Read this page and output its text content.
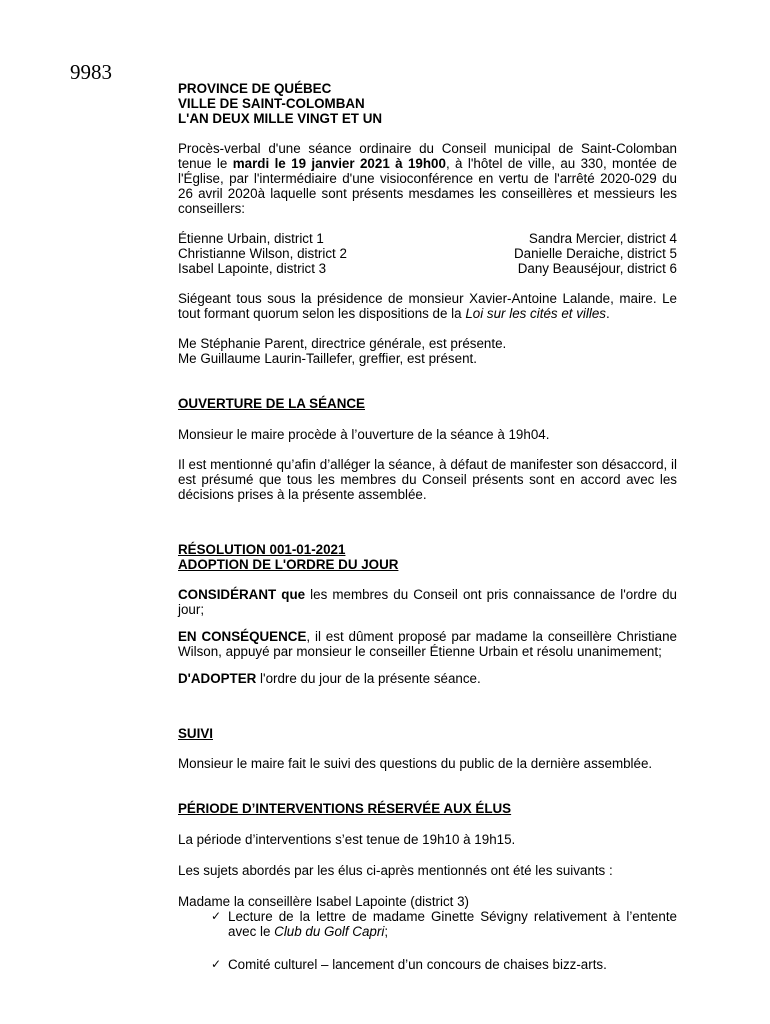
9983

PROVINCE DE QUÉBEC

VILLE DE SAINT-COLOMBAN

L'AN DEUX MILLE VINGT ET UN

Procès-verbal d'une séance ordinaire du Conseil municipal de Saint-Colomban tenue le mardi le 19 janvier 2021 à 19h00, à l'hôtel de ville, au 330, montée de l'Église, par l'intermédiaire d'une visioconférence en vertu de l'arrêté 2020-029 du 26 avril 2020à laquelle sont présents mesdames les conseillères et messieurs les conseillers:

Étienne Urbain, district 1	Sandra Mercier, district 4
Christianne Wilson, district 2	Danielle Deraiche, district 5
Isabel Lapointe, district 3	Dany Beauséjour, district 6

Siégeant tous sous la présidence de monsieur Xavier-Antoine Lalande, maire. Le tout formant quorum selon les dispositions de la Loi sur les cités et villes.

Me Stéphanie Parent, directrice générale, est présente.

Me Guillaume Laurin-Taillefer, greffier, est présent.

OUVERTURE DE LA SÉANCE

Monsieur le maire procède à l’ouverture de la séance à 19h04.

Il est mentionné qu’afin d’alléger la séance, à défaut de manifester son désaccord, il est présumé que tous les membres du Conseil présents sont en accord avec les décisions prises à la présente assemblée.

RÉSOLUTION 001-01-2021

ADOPTION DE L'ORDRE DU JOUR

CONSIDÉRANT que les membres du Conseil ont pris connaissance de l'ordre du jour;

EN CONSÉQUENCE, il est dûment proposé par madame la conseillère Christiane Wilson, appuyé par monsieur le conseiller Étienne Urbain et résolu unanimement;

D'ADOPTER l'ordre du jour de la présente séance.

SUIVI

Monsieur le maire fait le suivi des questions du public de la dernière assemblée.

PÉRIODE D’INTERVENTIONS RÉSERVÉE AUX ÉLUS

La période d’interventions s’est tenue de 19h10 à 19h15.

Les sujets abordés par les élus ci-après mentionnés ont été les suivants :

Madame la conseillère Isabel Lapointe (district 3)

✓ Lecture de la lettre de madame Ginette Sévigny relativement à l’entente avec le Club du Golf Capri;
✓ Comité culturel – lancement d’un concours de chaises bizz-arts.
